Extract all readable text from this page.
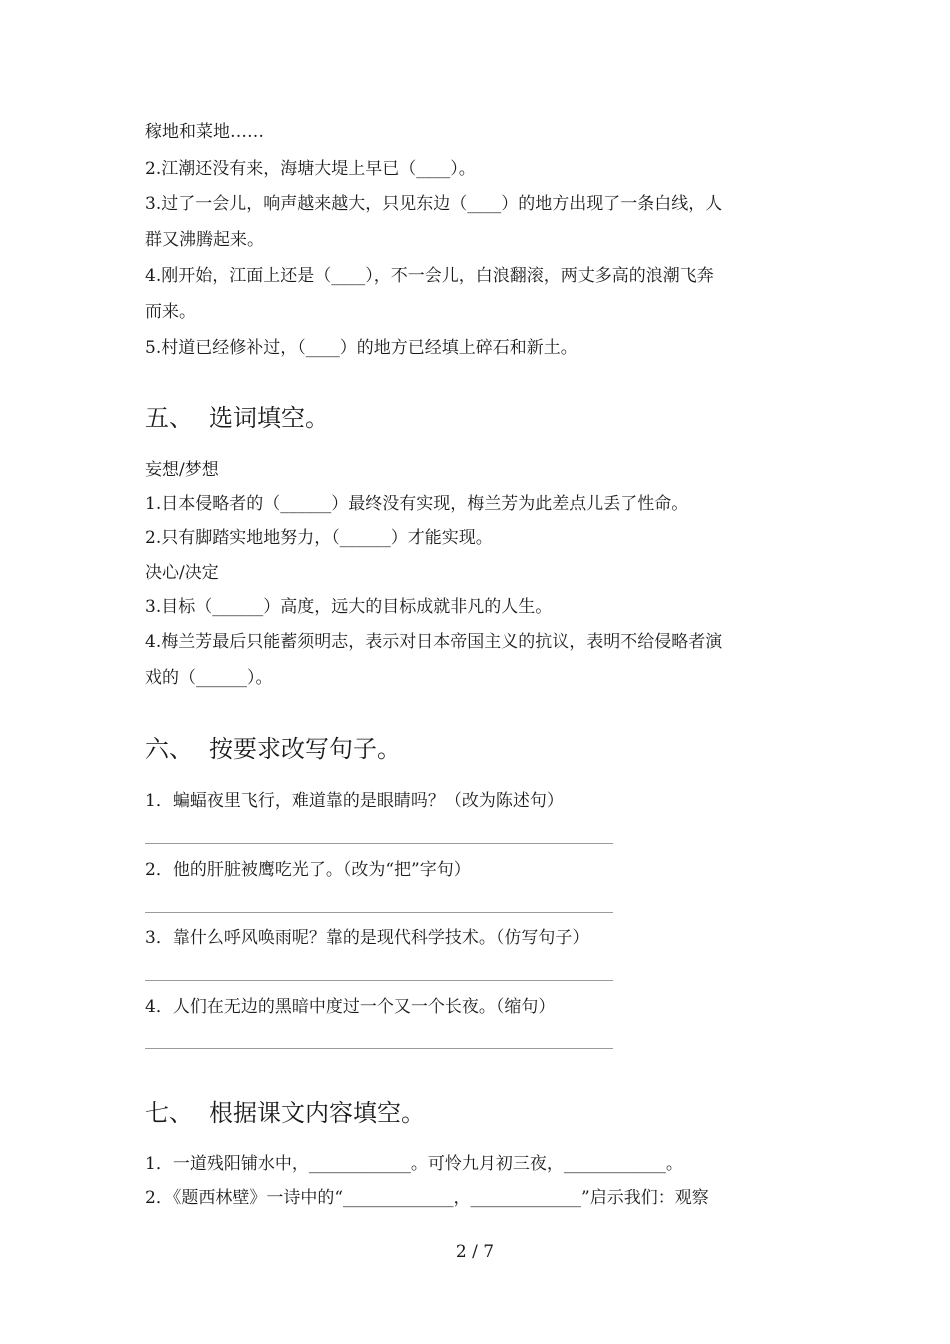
稼地和菜地……
2.江潮还没有来，海塘大堤上早已（____）。
3.过了一会儿，响声越来越大，只见东边（____）的地方出现了一条白线，人
群又沸腾起来。
4.刚开始，江面上还是（____），不一会儿，白浪翻滚，两丈多高的浪潮飞奔
而来。
5.村道已经修补过，（____）的地方已经填上碎石和新土。
五、 选词填空。
妄想/梦想
1.日本侵略者的（______）最终没有实现，梅兰芳为此差点儿丢了性命。
2.只有脚踏实地地努力，（______）才能实现。
决心/决定
3.目标（______）高度，远大的目标成就非凡的人生。
4.梅兰芳最后只能蓄须明志，表示对日本帝国主义的抗议，表明不给侵略者演
戏的（______）。
六、 按要求改写句子。
1．蝙蝠夜里飞行，难道靠的是眼睛吗？（改为陈述句）
2．他的肝脏被鹰吃光了。（改为“把”字句）
3．靠什么呼风唤雨呢？靠的是现代科学技术。（仿写句子）
4．人们在无边的黑暗中度过一个又一个长夜。（缩句）
七、 根据课文内容填空。
1．一道残阳铺水中，____________。可怜九月初三夜，____________。
2．《题西林壁》一诗中的“_____________，_____________”启示我们：观察
2 / 7
